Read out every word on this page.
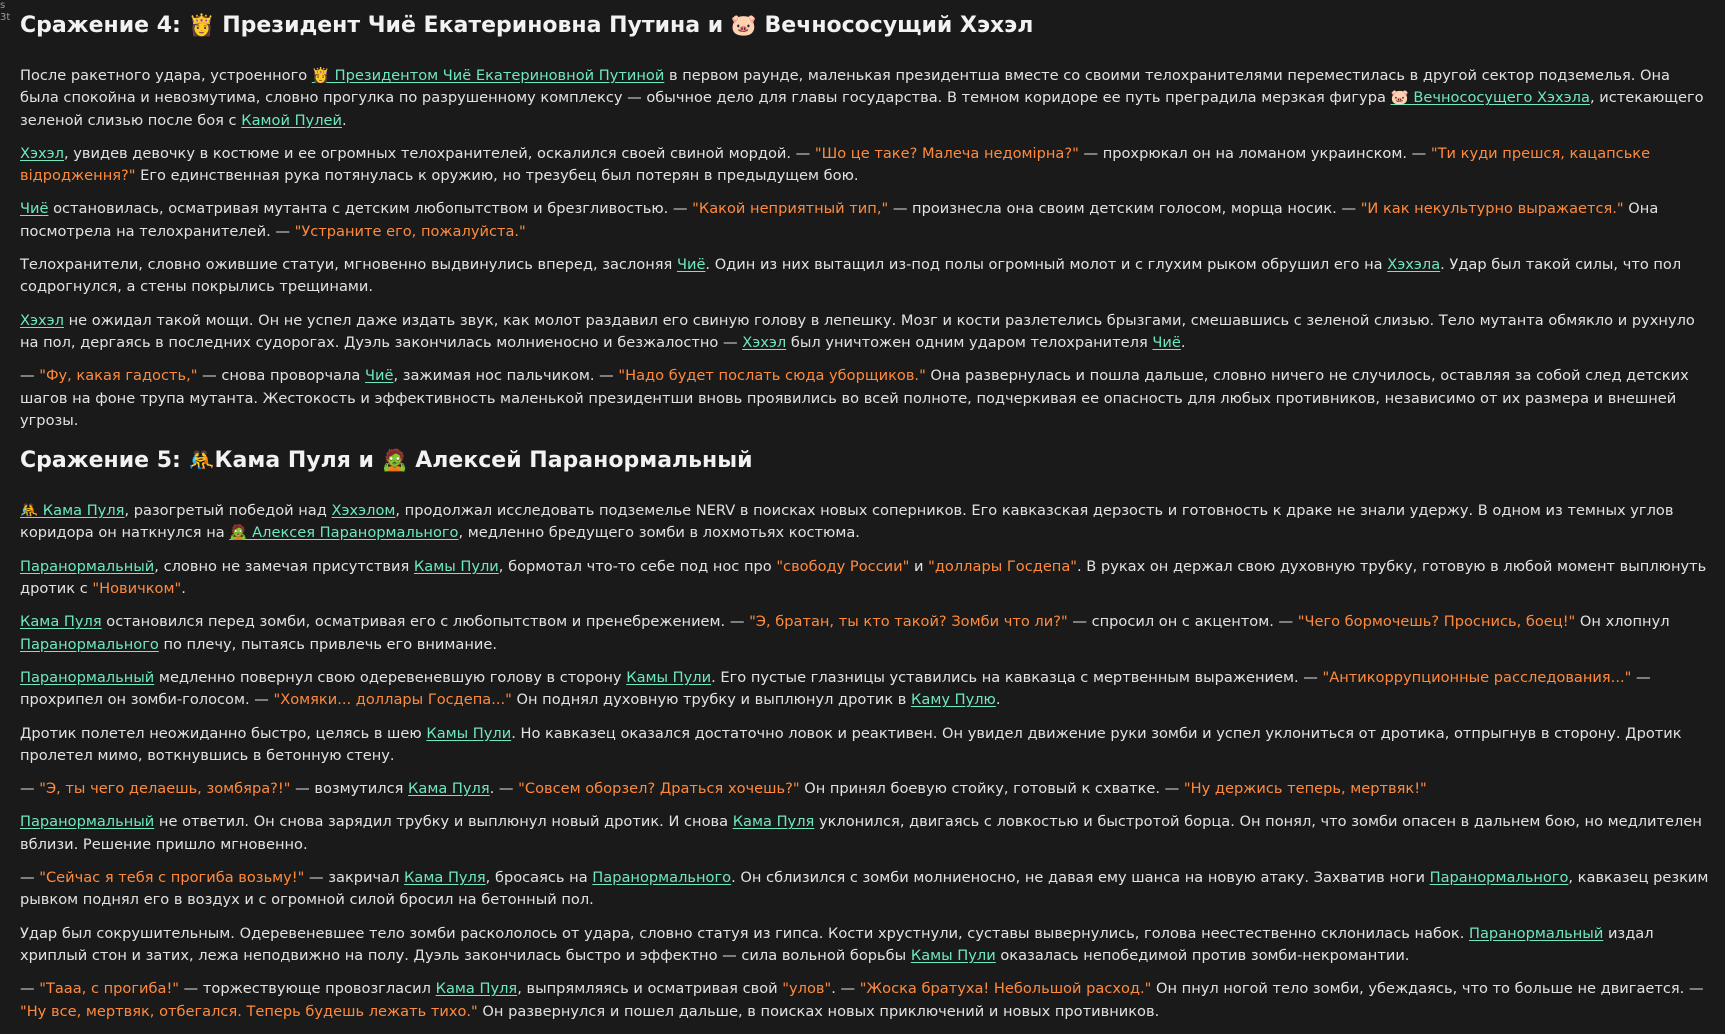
s
3t Сражение 4: 👸 Президент Чиё Екатериновна Путина и 🐷 Вечнососущий Хэхэл

После ракетного удара, устроенного 👸 Президентом Чиё Екатериновной Путиной в первом раунде, маленькая президентша вместе со своими телохранителями переместилась в другой сектор подземелья. Она была спокойна и невозмутима, словно прогулка по разрушенному комплексу — обычное дело для главы государства. В темном коридоре ее путь преградила мерзкая фигура 🐷 Вечнососущего Хэхэла, истекающего зеленой слизью после боя с Камой Пулей.

Хэхэл, увидев девочку в костюме и ее огромных телохранителей, оскалился своей свиной мордой. — "Шо це таке? Малеча недомірна?" — прохрюкал он на ломаном украинском. — "Ти куди прешся, кацапське відродження?" Его единственная рука потянулась к оружию, но трезубец был потерян в предыдущем бою.

Чиё остановилась, осматривая мутанта с детским любопытством и брезгливостью. — "Какой неприятный тип," — произнесла она своим детским голосом, морща носик. — "И как некультурно выражается." Она посмотрела на телохранителей. — "Устраните его, пожалуйста."

Телохранители, словно ожившие статуи, мгновенно выдвинулись вперед, заслоняя Чиё. Один из них вытащил из-под полы огромный молот и с глухим рыком обрушил его на Хэхэла. Удар был такой силы, что пол содрогнулся, а стены покрылись трещинами.

Хэхэл не ожидал такой мощи. Он не успел даже издать звук, как молот раздавил его свиную голову в лепешку. Мозг и кости разлетелись брызгами, смешавшись с зеленой слизью. Тело мутанта обмякло и рухнуло на пол, дергаясь в последних судорогах. Дуэль закончилась молниеносно и безжалостно — Хэхэл был уничтожен одним ударом телохранителя Чиё.

— "Фу, какая гадость," — снова проворчала Чиё, зажимая нос пальчиком. — "Надо будет послать сюда уборщиков." Она развернулась и пошла дальше, словно ничего не случилось, оставляя за собой след детских шагов на фоне трупа мутанта. Жестокость и эффективность маленькой президентши вновь проявились во всей полноте, подчеркивая ее опасность для любых противников, независимо от их размера и внешней угрозы.

Сражение 5: 🤼Кама Пуля и 🧟 Алексей Паранормальный

🤼 Кама Пуля, разогретый победой над Хэхэлом, продолжал исследовать подземелье NERV в поисках новых соперников. Его кавказская дерзость и готовность к драке не знали удержу. В одном из темных углов коридора он наткнулся на 🧟 Алексея Паранормального, медленно бредущего зомби в лохмотьях костюма.

Паранормальный, словно не замечая присутствия Камы Пули, бормотал что-то себе под нос про "свободу России" и "доллары Госдепа". В руках он держал свою духовную трубку, готовую в любой момент выплюнуть дротик с "Новичком".

Кама Пуля остановился перед зомби, осматривая его с любопытством и пренебрежением. — "Э, братан, ты кто такой? Зомби что ли?" — спросил он с акцентом. — "Чего бормочешь? Проснись, боец!" Он хлопнул Паранормального по плечу, пытаясь привлечь его внимание.

Паранормальный медленно повернул свою одеревеневшую голову в сторону Камы Пули. Его пустые глазницы уставились на кавказца с мертвенным выражением. — "Антикоррупционные расследования..." — прохрипел он зомби-голосом. — "Хомяки... доллары Госдепа..." Он поднял духовную трубку и выплюнул дротик в Каму Пулю.

Дротик полетел неожиданно быстро, целясь в шею Камы Пули. Но кавказец оказался достаточно ловок и реактивен. Он увидел движение руки зомби и успел уклониться от дротика, отпрыгнув в сторону. Дротик пролетел мимо, воткнувшись в бетонную стену.

— "Э, ты чего делаешь, зомбяра?!" — возмутился Кама Пуля. — "Совсем оборзел? Драться хочешь?" Он принял боевую стойку, готовый к схватке. — "Ну держись теперь, мертвяк!"

Паранормальный не ответил. Он снова зарядил трубку и выплюнул новый дротик. И снова Кама Пуля уклонился, двигаясь с ловкостью и быстротой борца. Он понял, что зомби опасен в дальнем бою, но медлителен вблизи. Решение пришло мгновенно.

— "Сейчас я тебя с прогиба возьму!" — закричал Кама Пуля, бросаясь на Паранормального. Он сблизился с зомби молниеносно, не давая ему шанса на новую атаку. Захватив ноги Паранормального, кавказец резким рывком поднял его в воздух и с огромной силой бросил на бетонный пол.

Удар был сокрушительным. Одеревеневшее тело зомби раскололось от удара, словно статуя из гипса. Кости хрустнули, суставы вывернулись, голова неестественно склонилась набок. Паранормальный издал хриплый стон и затих, лежа неподвижно на полу. Дуэль закончилась быстро и эффектно — сила вольной борьбы Камы Пули оказалась непобедимой против зомби-некромантии.

— "Тааа, с прогиба!" — торжествующе провозгласил Кама Пуля, выпрямляясь и осматривая свой "улов". — "Жоска братуха! Небольшой расход." Он пнул ногой тело зомби, убеждаясь, что то больше не двигается. — "Ну все, мертвяк, отбегался. Теперь будешь лежать тихо." Он развернулся и пошел дальше, в поисках новых приключений и новых противников.
